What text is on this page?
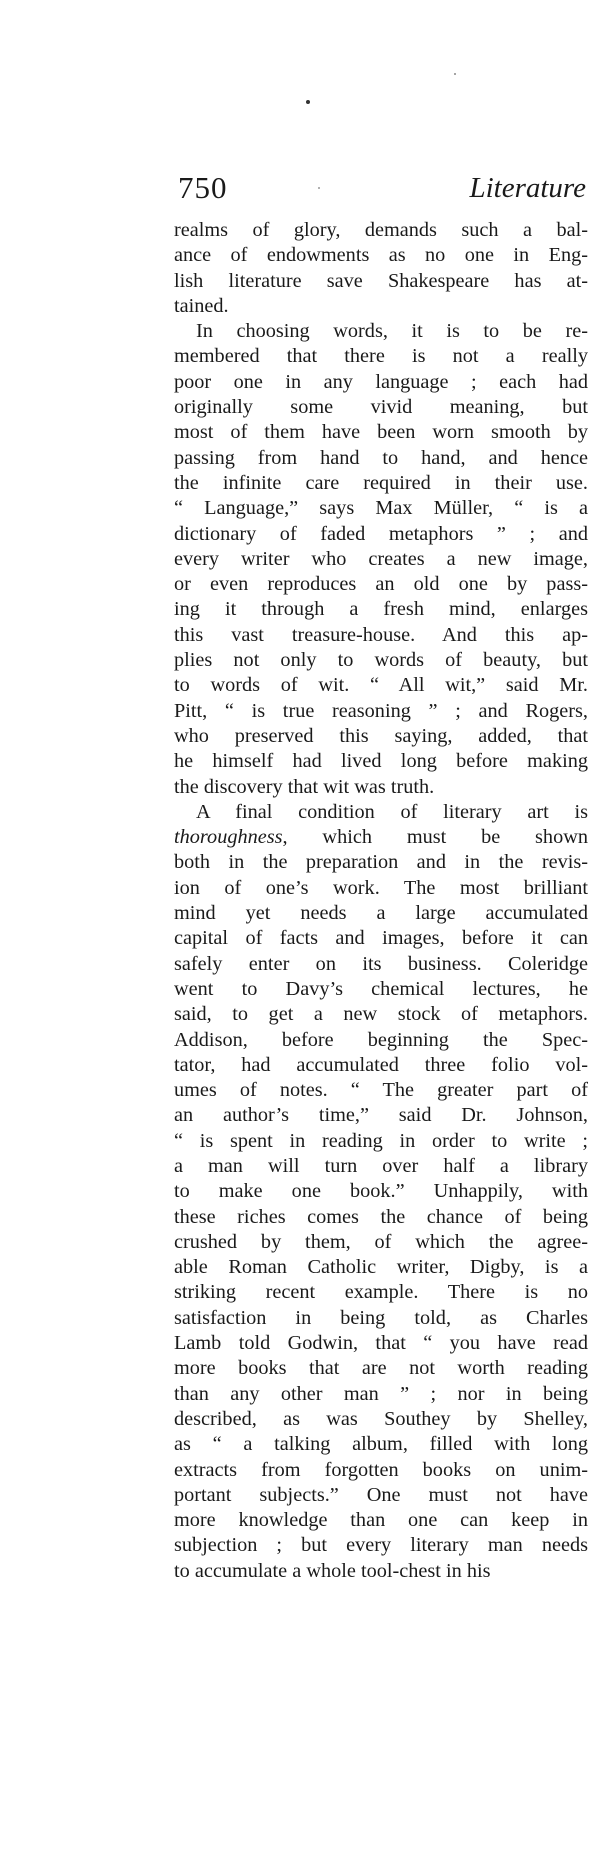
750	Literature

realms of glory, demands such a bal-
ance of endowments as no one in Eng-
lish literature save Shakespeare has at-
tained.

In choosing words, it is to be re-
membered that there is not a really
poor one in any language ; each had
originally some vivid meaning, but
most of them have been worn smooth by
passing from hand to hand, and hence
the infinite care required in their use.
“ Language,” says Max Müller, “ is a
dictionary of faded metaphors ” ; and
every writer who creates a new image,
or even reproduces an old one by pass-
ing it through a fresh mind, enlarges
this vast treasure-house. And this ap-
plies not only to words of beauty, but
to words of wit. “ All wit,” said Mr.
Pitt, “ is true reasoning ” ; and Rogers,
who preserved this saying, added, that
he himself had lived long before making
the discovery that wit was truth.

A final condition of literary art is
thoroughness, which must be shown
both in the preparation and in the revis-
ion of one’s work. The most brilliant
mind yet needs a large accumulated
capital of facts and images, before it can
safely enter on its business. Coleridge
went to Davy’s chemical lectures, he
said, to get a new stock of metaphors.
Addison, before beginning the Spec-
tator, had accumulated three folio vol-
umes of notes. “ The greater part of
an author’s time,” said Dr. Johnson,
“ is spent in reading in order to write ;
a man will turn over half a library
to make one book.” Unhappily, with
these riches comes the chance of being
crushed by them, of which the agree-
able Roman Catholic writer, Digby, is a
striking recent example. There is no
satisfaction in being told, as Charles
Lamb told Godwin, that “ you have read
more books that are not worth reading
than any other man ” ; nor in being
described, as was Southey by Shelley,
as “ a talking album, filled with long
extracts from forgotten books on unim-
portant subjects.” One must not have
more knowledge than one can keep in
subjection ; but every literary man needs
to accumulate a whole tool-chest in his
